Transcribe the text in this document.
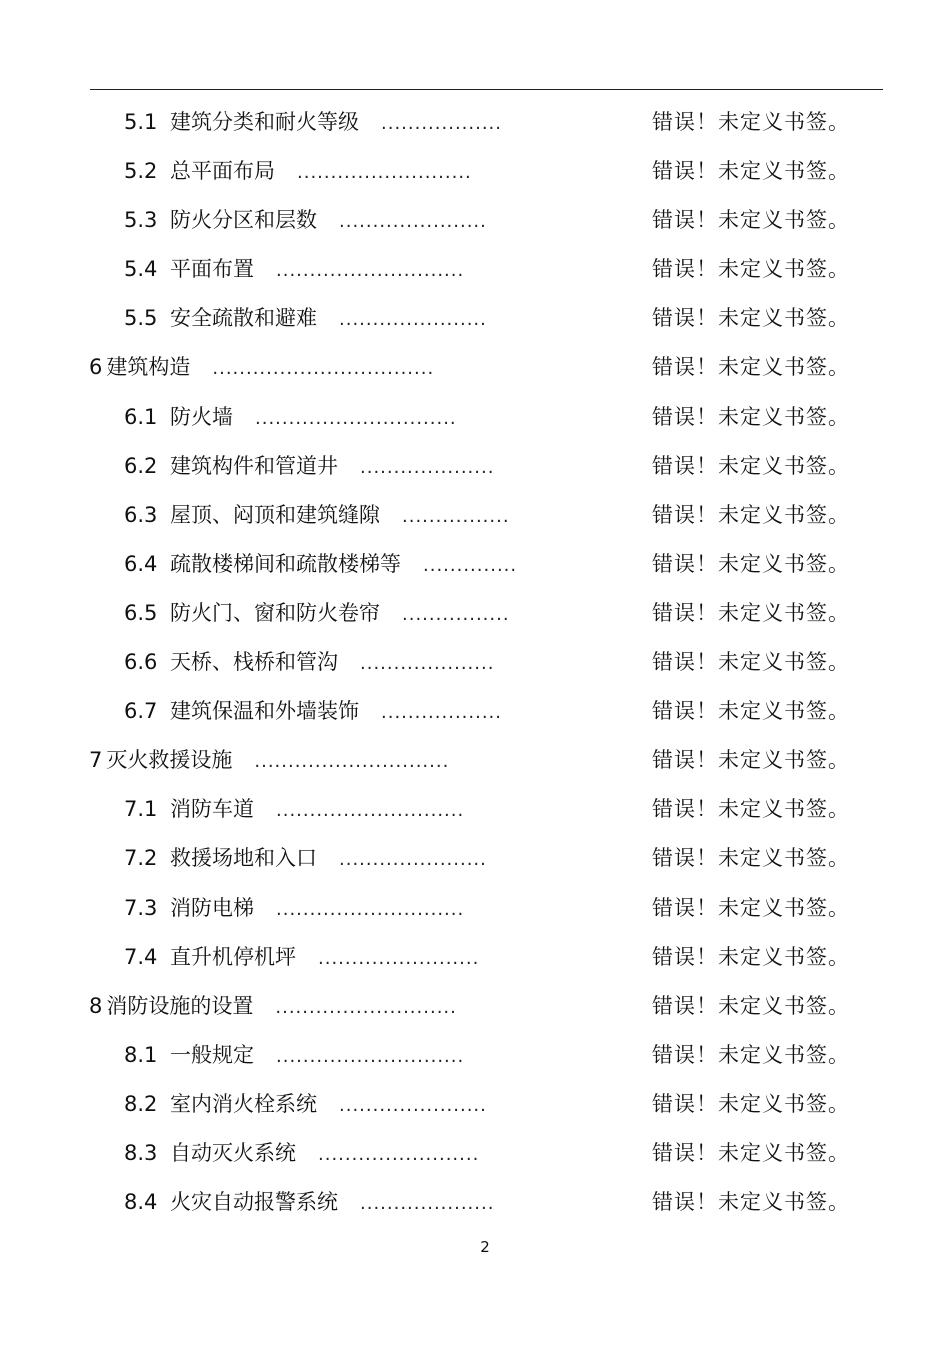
5.1 建筑分类和耐火等级 ..................	错误！未定义书签。
5.2 总平面布局 ..........................	错误！未定义书签。
5.3 防火分区和层数 ......................	错误！未定义书签。
5.4 平面布置 ............................	错误！未定义书签。
5.5 安全疏散和避难 ......................	错误！未定义书签。
6 建筑构造 .................................	错误！未定义书签。
6.1 防火墙 ..............................	错误！未定义书签。
6.2 建筑构件和管道井 ....................	错误！未定义书签。
6.3 屋顶、闷顶和建筑缝隙 ................	错误！未定义书签。
6.4 疏散楼梯间和疏散楼梯等 ..............	错误！未定义书签。
6.5 防火门、窗和防火卷帘 ................	错误！未定义书签。
6.6 天桥、栈桥和管沟 ....................	错误！未定义书签。
6.7 建筑保温和外墙装饰 ..................	错误！未定义书签。
7 灭火救援设施 .............................	错误！未定义书签。
7.1 消防车道 ............................	错误！未定义书签。
7.2 救援场地和入口 ......................	错误！未定义书签。
7.3 消防电梯 ............................	错误！未定义书签。
7.4 直升机停机坪 ........................	错误！未定义书签。
8 消防设施的设置 ...........................	错误！未定义书签。
8.1 一般规定 ............................	错误！未定义书签。
8.2 室内消火栓系统 ......................	错误！未定义书签。
8.3 自动灭火系统 ........................	错误！未定义书签。
8.4 火灾自动报警系统 ....................	错误！未定义书签。
2
